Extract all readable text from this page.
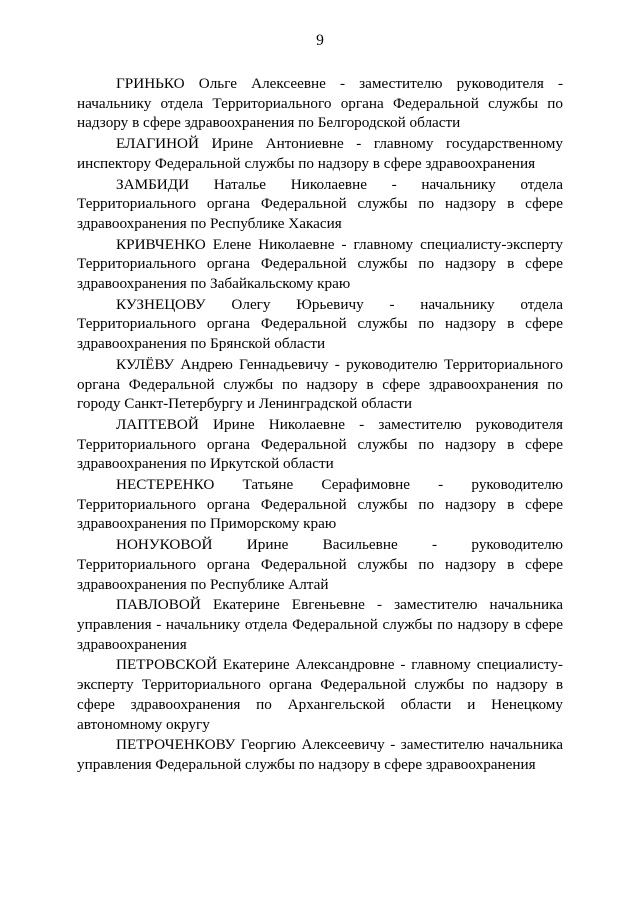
9

ГРИНЬКО Ольге Алексеевне - заместителю руководителя - начальнику отдела Территориального органа Федеральной службы по надзору в сфере здравоохранения по Белгородской области

ЕЛАГИНОЙ Ирине Антониевне - главному государственному инспектору Федеральной службы по надзору в сфере здравоохранения

ЗАМБИДИ Наталье Николаевне - начальнику отдела Территориального органа Федеральной службы по надзору в сфере здравоохранения по Республике Хакасия

КРИВЧЕНКО Елене Николаевне - главному специалисту-эксперту Территориального органа Федеральной службы по надзору в сфере здравоохранения по Забайкальскому краю

КУЗНЕЦОВУ Олегу Юрьевичу - начальнику отдела Территориального органа Федеральной службы по надзору в сфере здравоохранения по Брянской области

КУЛЁВУ Андрею Геннадьевичу - руководителю Территориального органа Федеральной службы по надзору в сфере здравоохранения по городу Санкт-Петербургу и Ленинградской области

ЛАПТЕВОЙ Ирине Николаевне - заместителю руководителя Территориального органа Федеральной службы по надзору в сфере здравоохранения по Иркутской области

НЕСТЕРЕНКО Татьяне Серафимовне - руководителю Территориального органа Федеральной службы по надзору в сфере здравоохранения по Приморскому краю

НОНУКОВОЙ Ирине Васильевне - руководителю Территориального органа Федеральной службы по надзору в сфере здравоохранения по Республике Алтай

ПАВЛОВОЙ Екатерине Евгеньевне - заместителю начальника управления - начальнику отдела Федеральной службы по надзору в сфере здравоохранения

ПЕТРОВСКОЙ Екатерине Александровне - главному специалисту-эксперту Территориального органа Федеральной службы по надзору в сфере здравоохранения по Архангельской области и Ненецкому автономному округу

ПЕТРОЧЕНКОВУ Георгию Алексеевичу - заместителю начальника управления Федеральной службы по надзору в сфере здравоохранения
